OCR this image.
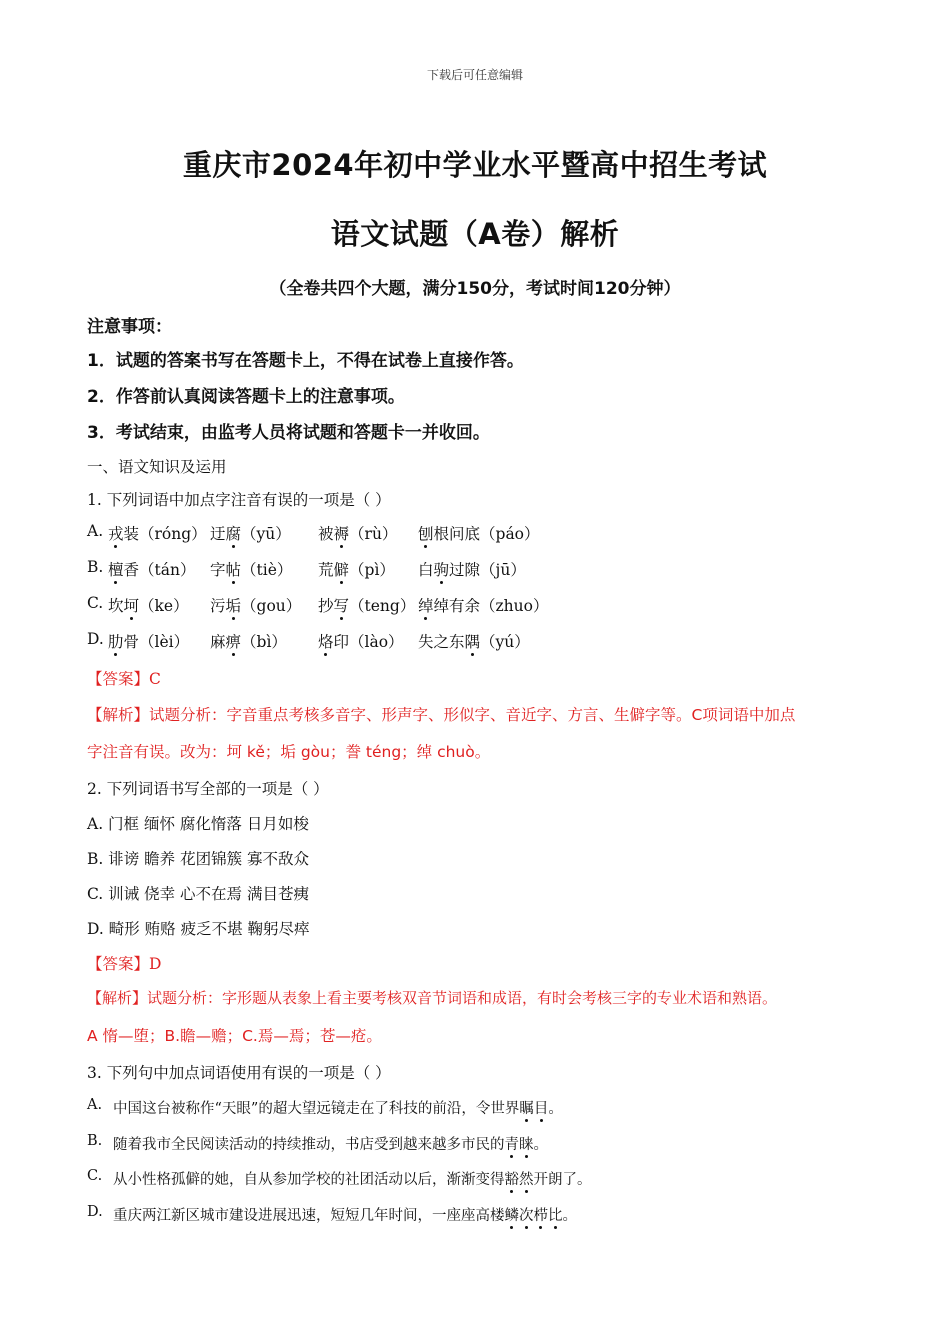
下载后可任意编辑
重庆市2024年初中学业水平暨高中招生考试
语文试题（A卷）解析
（全卷共四个大题，满分150分，考试时间120分钟）
注意事项：
1．试题的答案书写在答题卡上，不得在试卷上直接作答。
2．作答前认真阅读答题卡上的注意事项。
3．考试结束，由监考人员将试题和答题卡一并收回。
一、语文知识及运用
1. 下列词语中加点字注音有误的一项是（ ）
A. 戎装（róng） 迂腐（yū） 被褥（rù） 刨根问底（páo）
B. 檀香（tán） 字帖（tiè） 荒僻（pì） 白驹过隙（jū）
C. 坎坷（ke） 污垢（gou） 抄写（teng） 绰绰有余（zhuo）
D. 肋骨（lèi） 麻痹（bì） 烙印（lào） 失之东隅（yú）
【答案】C
【解析】试题分析：字音重点考核多音字、形声字、形似字、音近字、方言、生僻字等。C项词语中加点
字注音有误。改为：坷 kě；垢 gòu；誊 téng；绰 chuò。
2. 下列词语书写全部的一项是（ ）
A. 门框 缅怀 腐化惰落 日月如梭
B. 诽谤 瞻养 花团锦簇 寡不敌众
C. 训诫 侥幸 心不在焉 满目苍痍
D. 畸形 贿赂 疲乏不堪 鞠躬尽瘁
【答案】D
【解析】试题分析：字形题从表象上看主要考核双音节词语和成语，有时会考核三字的专业术语和熟语。
A 惰—堕；B.瞻—赡；C.焉—焉；苍—疮。
3. 下列句中加点词语使用有误的一项是（ ）
A. 中国这台被称作“天眼”的超大望远镜走在了科技的前沿，令世界瞩目。
B. 随着我市全民阅读活动的持续推动，书店受到越来越多市民的青睐。
C. 从小性格孤僻的她，自从参加学校的社团活动以后，渐渐变得豁然开朗了。
D. 重庆两江新区城市建设进展迅速，短短几年时间，一座座高楼鳞次栉比。
